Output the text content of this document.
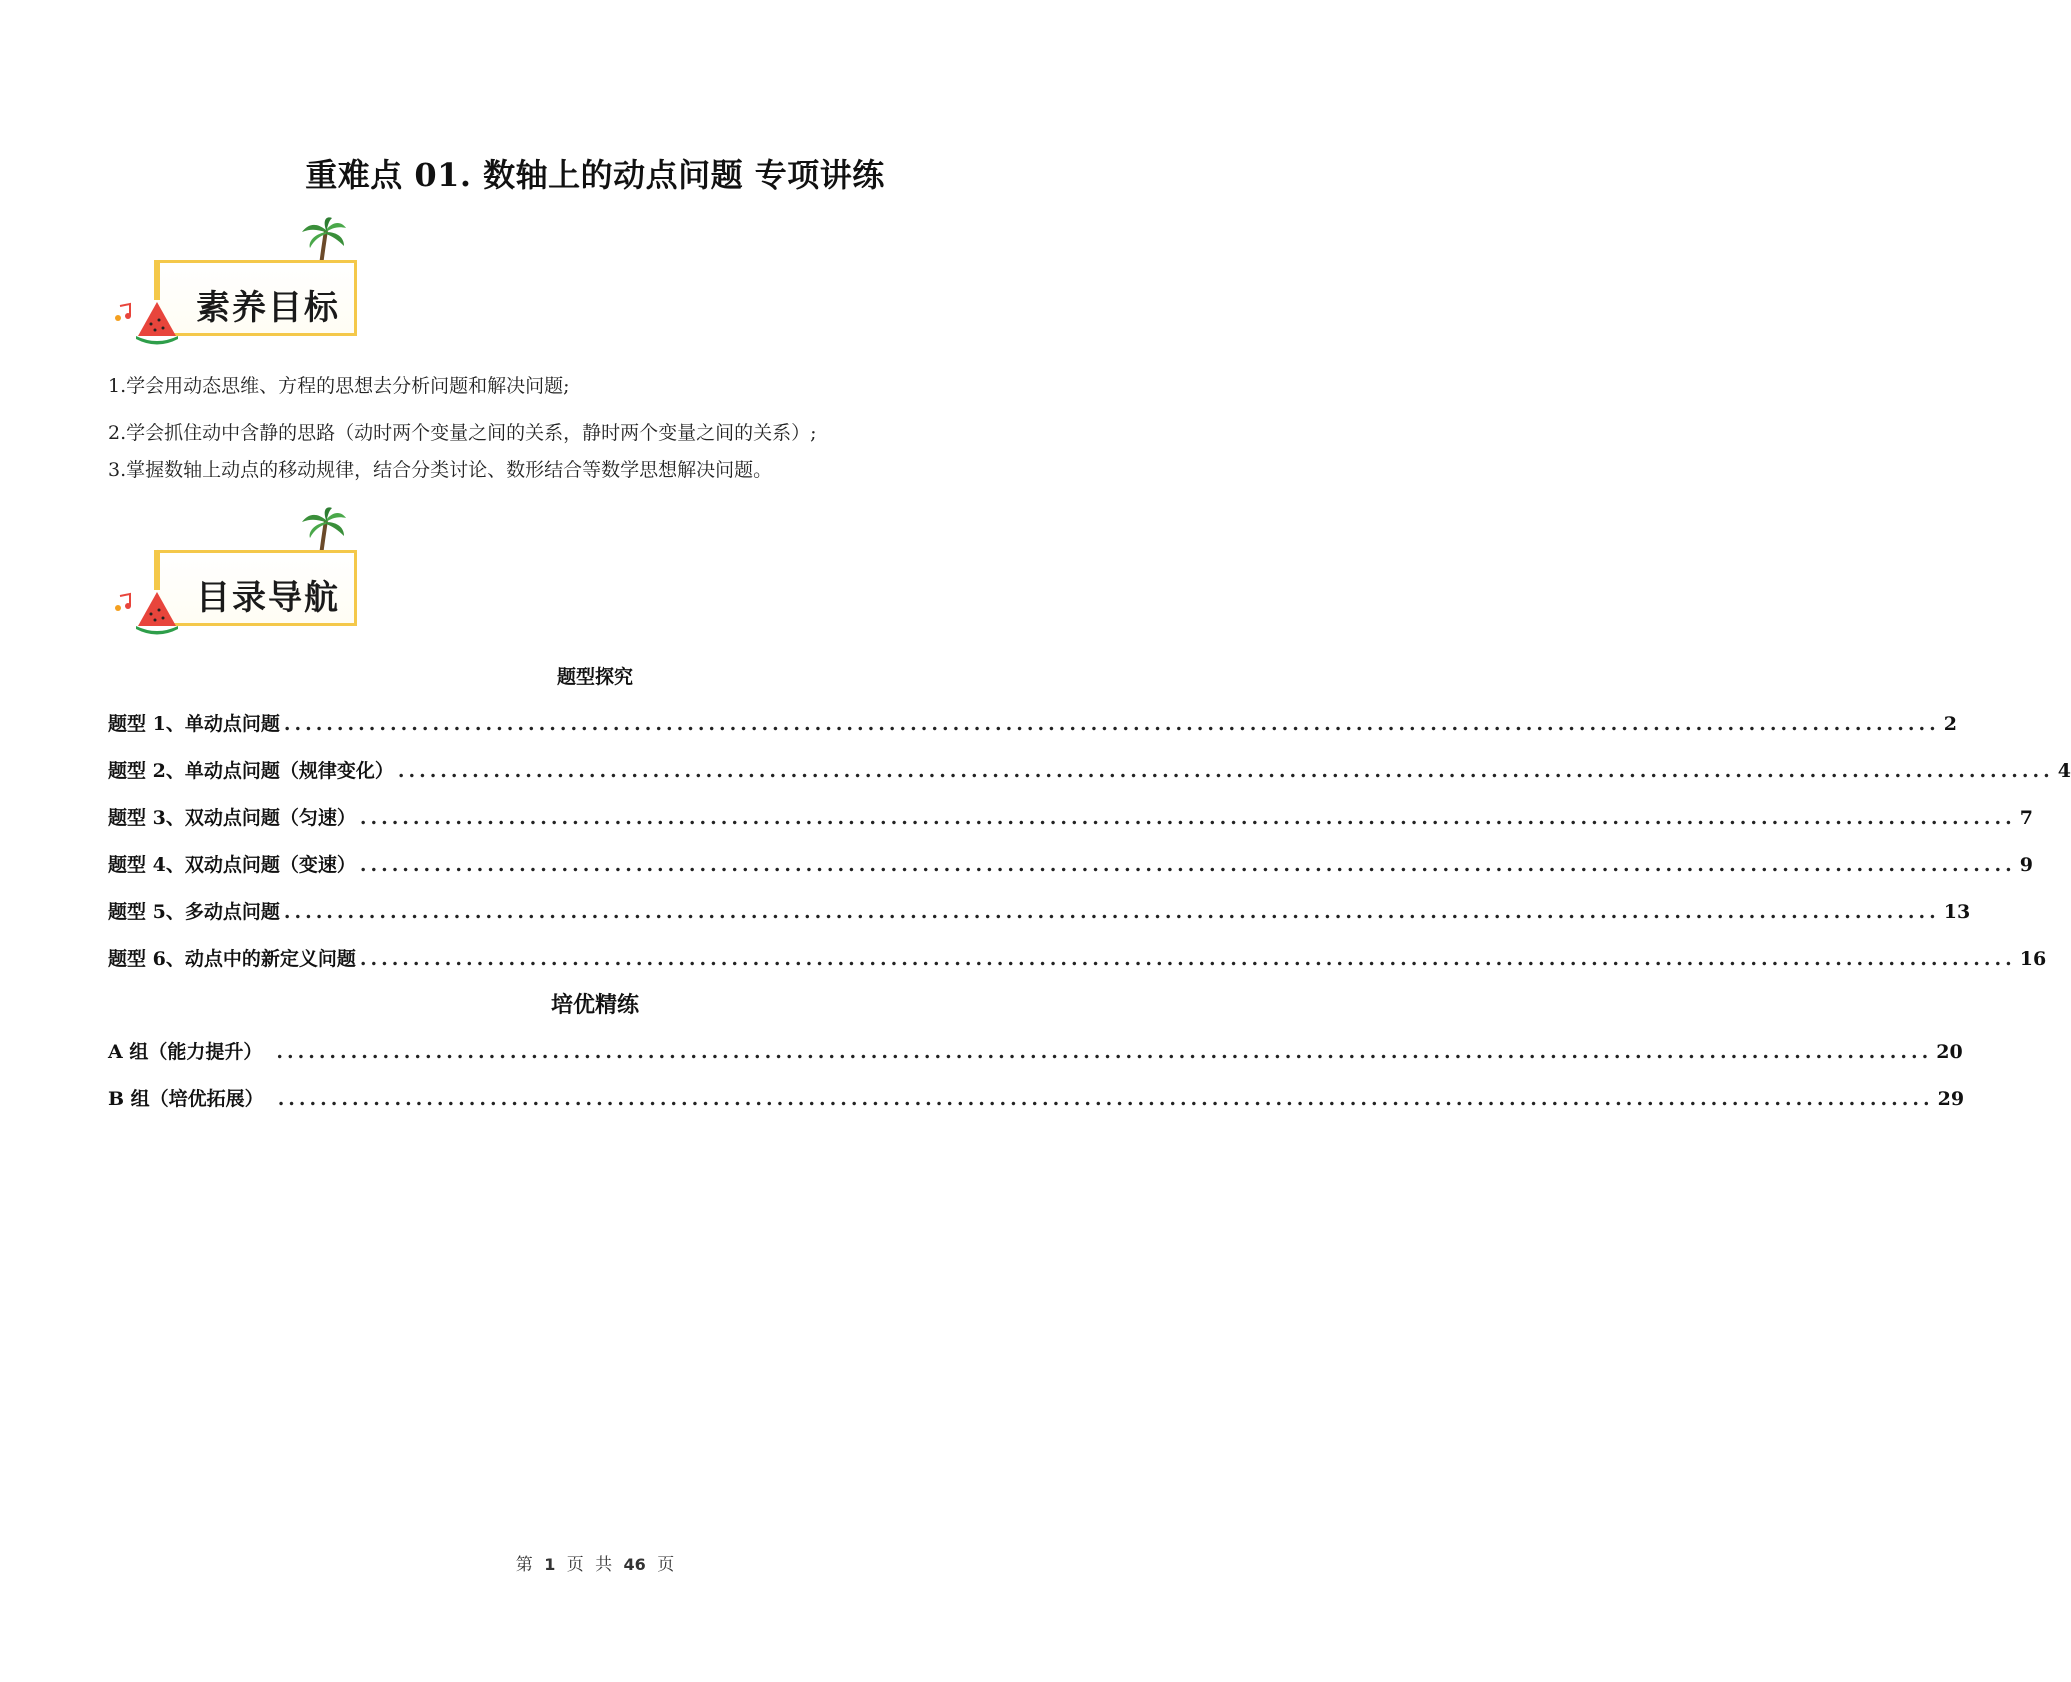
重难点 01. 数轴上的动点问题 专项讲练
素养目标
1.学会用动态思维、方程的思想去分析问题和解决问题;
2.学会抓住动中含静的思路（动时两个变量之间的关系，静时两个变量之间的关系）;
3.掌握数轴上动点的移动规律，结合分类讨论、数形结合等数学思想解决问题。
目录导航
题型探究
题型 1、单动点问题 ............................................................................................................................................................ 2
题型 2、单动点问题（规律变化） ............................................................................................................................................................ 4
题型 3、双动点问题（匀速） ............................................................................................................................................................ 7
题型 4、双动点问题（变速） ............................................................................................................................................................ 9
题型 5、多动点问题 ............................................................................................................................................................ 13
题型 6、动点中的新定义问题 ............................................................................................................................................................ 16
培优精练
A 组（能力提升） ............................................................................................................................................................ 20
B 组（培优拓展） ............................................................................................................................................................ 29
第 1 页 共 46 页
